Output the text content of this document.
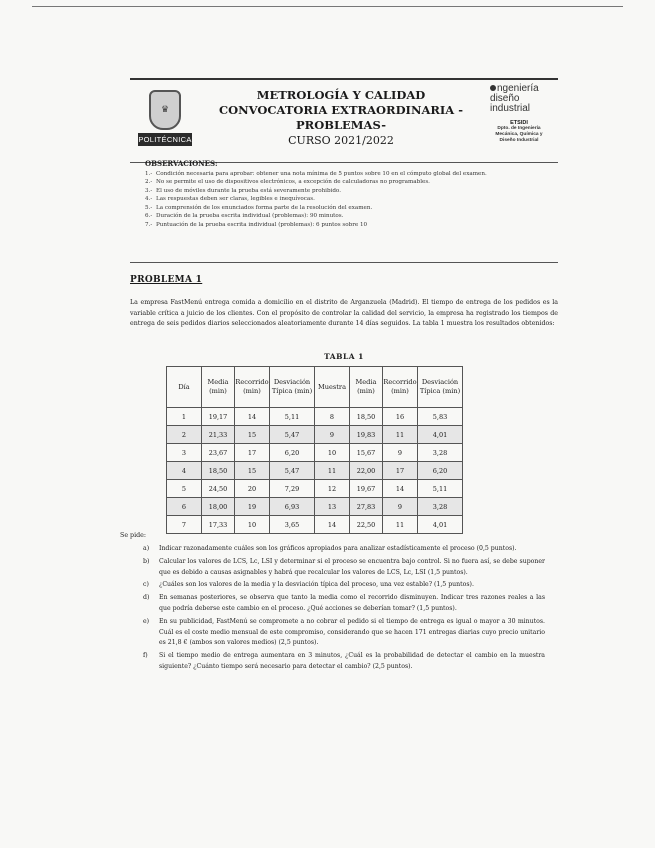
♛
POLITÉCNICA
METROLOGÍA Y CALIDAD
CONVOCATORIA EXTRAORDINARIA -
PROBLEMAS-
CURSO 2021/2022
ngeniería
diseño
industrial
ETSIDI
Dpto. de Ingeniería
Mecánica, Química y
Diseño Industrial
OBSERVACIONES:
1.- Condición necesaria para aprobar: obtener una nota mínima de 5 puntos sobre 10 en el cómputo global del examen.
2.- No se permite el uso de dispositivos electrónicos, a excepción de calculadoras no programables.
3.- El uso de móviles durante la prueba está severamente prohibido.
4.- Las respuestas deben ser claras, legibles e inequívocas.
5.- La comprensión de los enunciados forma parte de la resolución del examen.
6.- Duración de la prueba escrita individual (problemas): 90 minutos.
7.- Puntuación de la prueba escrita individual (problemas): 6 puntos sobre 10
PROBLEMA 1
La empresa FastMenú entrega comida a domicilio en el distrito de Arganzuela (Madrid). El tiempo de entrega de los pedidos es la variable crítica a juicio de los clientes. Con el propósito de controlar la calidad del servicio, la empresa ha registrado los tiempos de entrega de seis pedidos diarios seleccionados aleatoriamente durante 14 días seguidos. La tabla 1 muestra los resultados obtenidos:
TABLA 1
Día	Media (min)	Recorrido (min)	Desviación Típica (min)	Muestra	Media (min)	Recorrido (min)	Desviación Típica (min)
1	19,17	14	5,11	8	18,50	16	5,83
2	21,33	15	5,47	9	19,83	11	4,01
3	23,67	17	6,20	10	15,67	9	3,28
4	18,50	15	5,47	11	22,00	17	6,20
5	24,50	20	7,29	12	19,67	14	5,11
6	18,00	19	6,93	13	27,83	9	3,28
7	17,33	10	3,65	14	22,50	11	4,01
Se pide:
a)	Indicar razonadamente cuáles son los gráficos apropiados para analizar estadísticamente el proceso (0,5 puntos).
b)	Calcular los valores de LCS, Lc, LSI y determinar si el proceso se encuentra bajo control. Si no fuera así, se debe suponer que es debido a causas asignables y habrá que recalcular los valores de LCS, Lc, LSI (1,5 puntos).
c)	¿Cuáles son los valores de la media y la desviación típica del proceso, una vez estable? (1,5 puntos).
d)	En semanas posteriores, se observa que tanto la media como el recorrido disminuyen. Indicar tres razones reales a las que podría deberse este cambio en el proceso. ¿Qué acciones se deberían tomar? (1,5 puntos).
e)	En su publicidad, FastMenú se compromete a no cobrar el pedido si el tiempo de entrega es igual o mayor a 30 minutos. Cuál es el coste medio mensual de este compromiso, considerando que se hacen 171 entregas diarias cuyo precio unitario es 21,8 € (ambos son valores medios) (2,5 puntos).
f)	Si el tiempo medio de entrega aumentara en 3 minutos, ¿Cuál es la probabilidad de detectar el cambio en la muestra siguiente? ¿Cuánto tiempo será necesario para detectar el cambio? (2,5 puntos).
